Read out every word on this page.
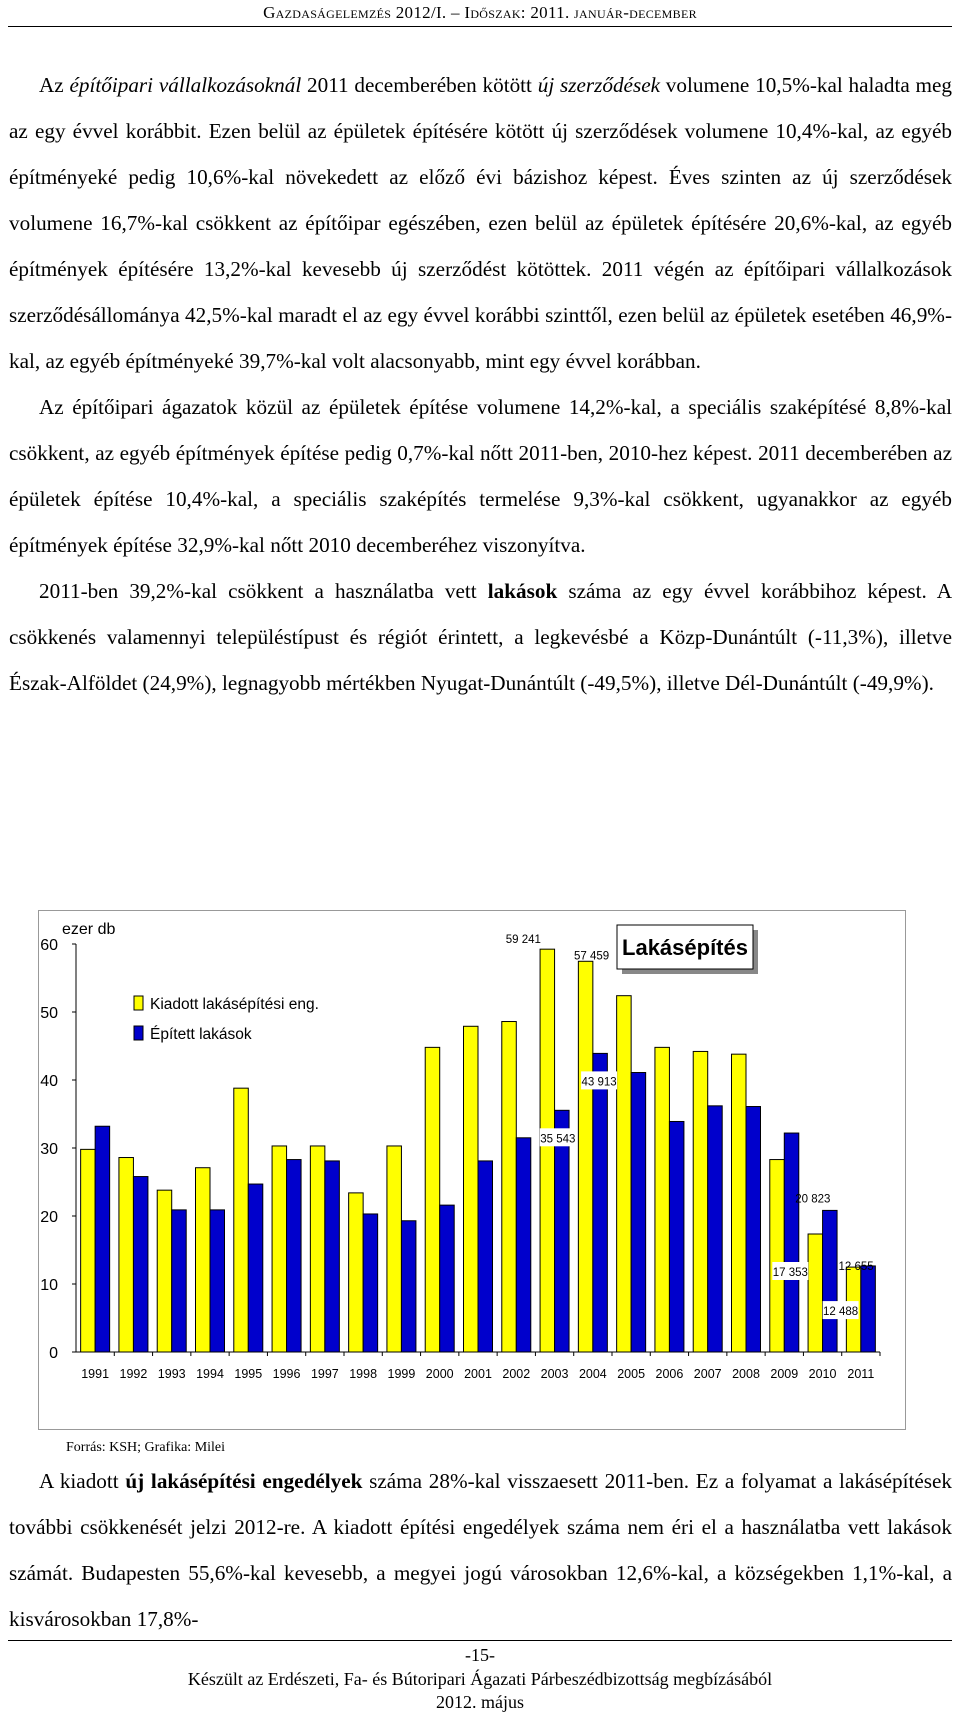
Gazdaságelemzés 2012/I. – Időszak: 2011. január-december

Az építőipari vállalkozásoknál 2011 decemberében kötött új szerződések volumene 10,5%-kal haladta meg az egy évvel korábbit. Ezen belül az épületek építésére kötött új szerződések volumene 10,4%-kal, az egyéb építményeké pedig 10,6%-kal növekedett az előző évi bázishoz képest. Éves szinten az új szerződések volumene 16,7%-kal csökkent az építőipar egészében, ezen belül az épületek építésére 20,6%-kal, az egyéb építmények építésére 13,2%-kal kevesebb új szerződést kötöttek. 2011 végén az építőipari vállalkozások szerződésállománya 42,5%-kal maradt el az egy évvel korábbi szinttől, ezen belül az épületek esetében 46,9%-kal, az egyéb építményeké 39,7%-kal volt alacsonyabb, mint egy évvel korábban.

Az építőipari ágazatok közül az épületek építése volumene 14,2%-kal, a speciális szaképítésé 8,8%-kal csökkent, az egyéb építmények építése pedig 0,7%-kal nőtt 2011-ben, 2010-hez képest. 2011 decemberében az épületek építése 10,4%-kal, a speciális szaképítés termelése 9,3%-kal csökkent, ugyanakkor az egyéb építmények építése 32,9%-kal nőtt 2010 decemberéhez viszonyítva.

2011-ben 39,2%-kal csökkent a használatba vett lakások száma az egy évvel korábbihoz képest. A csökkenés valamennyi településtípust és régiót érintett, a legkevésbé a Közp-Dunántúlt (-11,3%), illetve Észak-Alföldet (24,9%), legnagyobb mértékben Nyugat-Dunántúlt (-49,5%), illetve Dél-Dunántúlt (-49,9%).

0
10
20
30
40
50
60
ezer db
1991 1992 1993 1994 1995 1996 1997 1998 1999 2000 2001 2002 2003 2004 2005 2006 2007 2008 2009 2010 2011
59 241
57 459
35 543
43 913
20 823
17 353
12 655
12 488
Kiadott lakásépítési eng.
Épített lakások
Lakásépítés
Forrás: KSH; Grafika: Milei

A kiadott új lakásépítési engedélyek száma 28%-kal visszaesett 2011-ben. Ez a folyamat a lakásépítések további csökkenését jelzi 2012-re. A kiadott építési engedélyek száma nem éri el a használatba vett lakások számát. Budapesten 55,6%-kal kevesebb, a megyei jogú városokban 12,6%-kal, a községekben 1,1%-kal, a kisvárosokban 17,8%-

-15-
Készült az Erdészeti, Fa- és Bútoripari Ágazati Párbeszédbizottság megbízásából
2012. május
